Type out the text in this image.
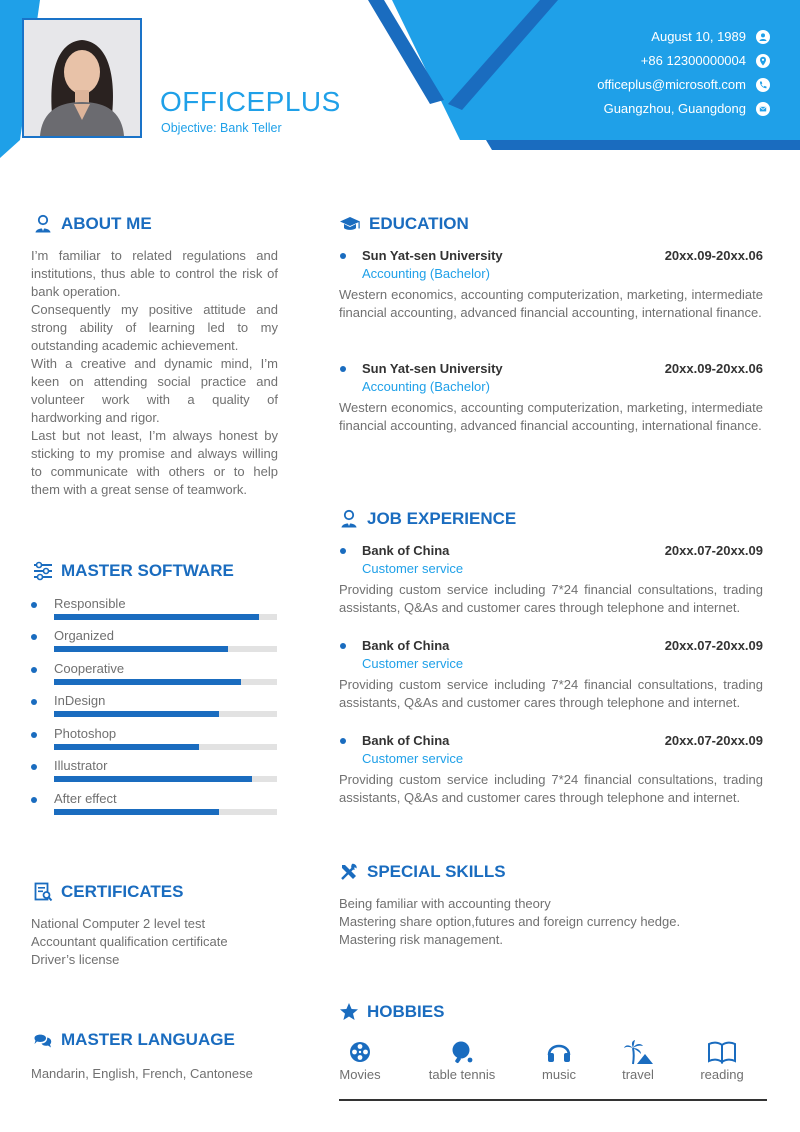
OFFICEPLUS
Objective: Bank Teller
August 10, 1989
+86 12300000004
officeplus@microsoft.com
Guangzhou, Guangdong
ABOUT ME

I’m familiar to related regulations and institutions, thus able to control the risk of bank operation.

Consequently my positive attitude and strong ability of learning led to my outstanding academic achievement.

With a creative and dynamic mind, I’m keen on attending social practice and volunteer work with a quality of hardworking and rigor.

Last but not least, I’m always honest by sticking to my promise and always willing to communicate with others or to help them with a great sense of teamwork.

MASTER SOFTWARE
Responsible
Organized
Cooperative
InDesign
Photoshop
Illustrator
After effect
CERTIFICATES

National Computer 2 level test

Accountant qualification certificate

Driver’s license

MASTER LANGUAGE
Mandarin, English, French, Cantonese
EDUCATION
Sun Yat-sen University	20xx.09-20xx.06
Accounting (Bachelor)
Western economics, accounting computerization, marketing, intermediate financial accounting, advanced financial accounting, international finance.
Sun Yat-sen University	20xx.09-20xx.06
Accounting (Bachelor)
Western economics, accounting computerization, marketing, intermediate financial accounting, advanced financial accounting, international finance.
JOB EXPERIENCE
Bank of China	20xx.07-20xx.09
Customer service
Providing custom service including 7*24 financial consultations, trading assistants, Q&As and customer cares through telephone and internet.
Bank of China	20xx.07-20xx.09
Customer service
Providing custom service including 7*24 financial consultations, trading assistants, Q&As and customer cares through telephone and internet.
Bank of China	20xx.07-20xx.09
Customer service
Providing custom service including 7*24 financial consultations, trading assistants, Q&As and customer cares through telephone and internet.
SPECIAL SKILLS

Being familiar with accounting theory

Mastering share option,futures and foreign currency hedge.

Mastering risk management.

HOBBIES
Movies	table tennis	music	travel	reading
